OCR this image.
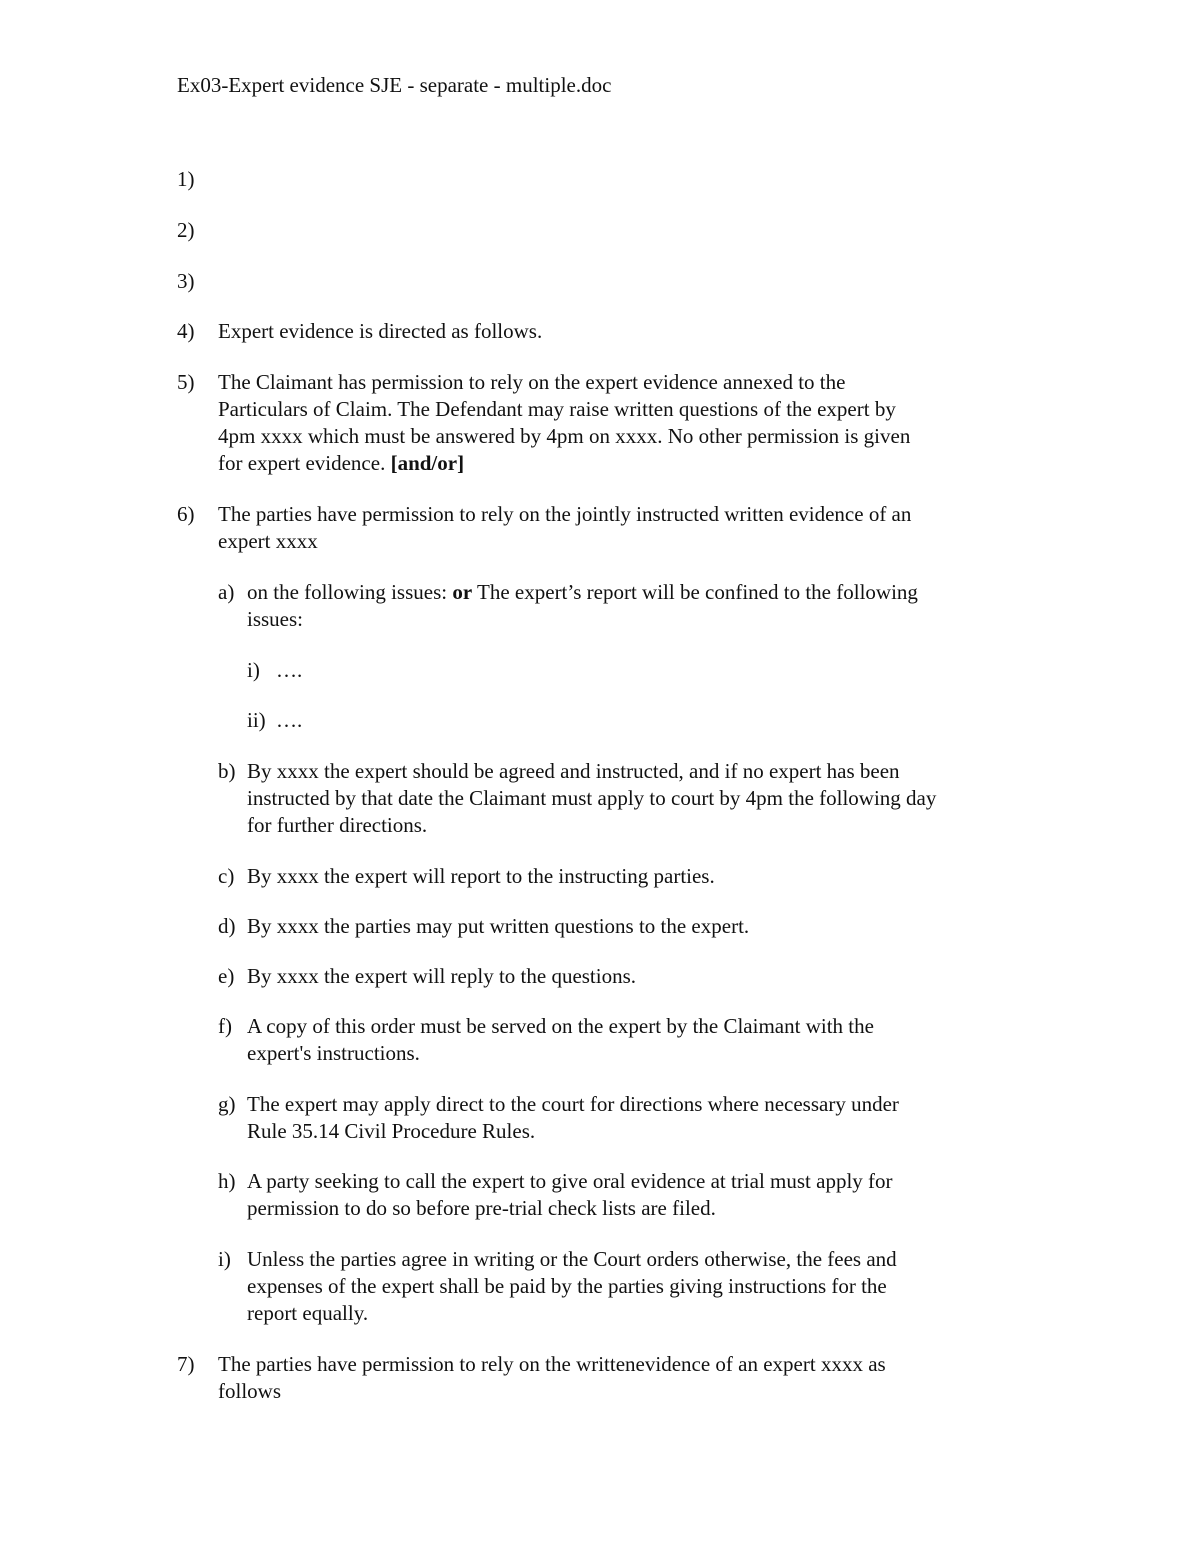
Ex03-Expert evidence SJE - separate - multiple.doc
1)
2)
3)
4) Expert evidence is directed as follows.
5) The Claimant has permission to rely on the expert evidence annexed to the
Particulars of Claim. The Defendant may raise written questions of the expert by
4pm xxxx which must be answered by 4pm on xxxx. No other permission is given
for expert evidence. [and/or]
6) The parties have permission to rely on the jointly instructed written evidence of an
expert xxxx
a) on the following issues: or The expert’s report will be confined to the following
issues:
i) ….
ii) ….
b) By xxxx the expert should be agreed and instructed, and if no expert has been
instructed by that date the Claimant must apply to court by 4pm the following day
for further directions.
c) By xxxx the expert will report to the instructing parties.
d) By xxxx the parties may put written questions to the expert.
e) By xxxx the expert will reply to the questions.
f) A copy of this order must be served on the expert by the Claimant with the
expert's instructions.
g) The expert may apply direct to the court for directions where necessary under
Rule 35.14 Civil Procedure Rules.
h) A party seeking to call the expert to give oral evidence at trial must apply for
permission to do so before pre-trial check lists are filed.
i) Unless the parties agree in writing or the Court orders otherwise, the fees and
expenses of the expert shall be paid by the parties giving instructions for the
report equally.
7) The parties have permission to rely on the writtenevidence of an expert xxxx as
follows
